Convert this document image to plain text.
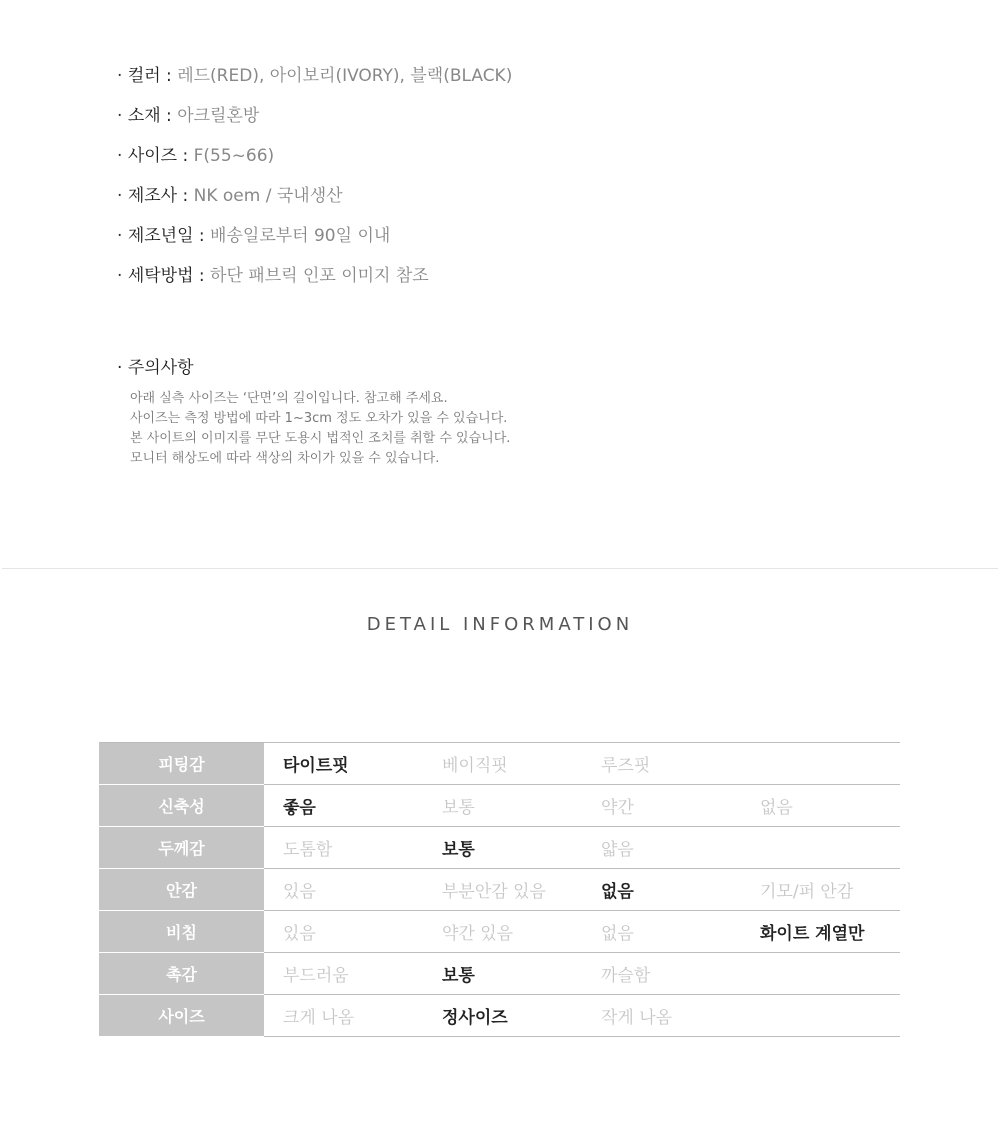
· 컬러 : 레드(RED), 아이보리(IVORY), 블랙(BLACK)
· 소재 : 아크릴혼방
· 사이즈 : F(55~66)
· 제조사 : NK oem / 국내생산
· 제조년일 : 배송일로부터 90일 이내
· 세탁방법 : 하단 패브릭 인포 이미지 참조
· 주의사항
아래 실측 사이즈는 ‘단면’의 길이입니다. 참고해 주세요.
사이즈는 측정 방법에 따라 1~3cm 정도 오차가 있을 수 있습니다.
본 사이트의 이미지를 무단 도용시 법적인 조치를 취할 수 있습니다.
모니터 해상도에 따라 색상의 차이가 있을 수 있습니다.
DETAIL INFORMATION
피팅감	타이트핏	베이직핏	루즈핏
신축성	좋음	보통	약간	없음
두께감	도톰함	보통	얇음
안감	있음	부분안감 있음	없음	기모/퍼 안감
비침	있음	약간 있음	없음	화이트 계열만
촉감	부드러움	보통	까슬함
사이즈	크게 나옴	정사이즈	작게 나옴
